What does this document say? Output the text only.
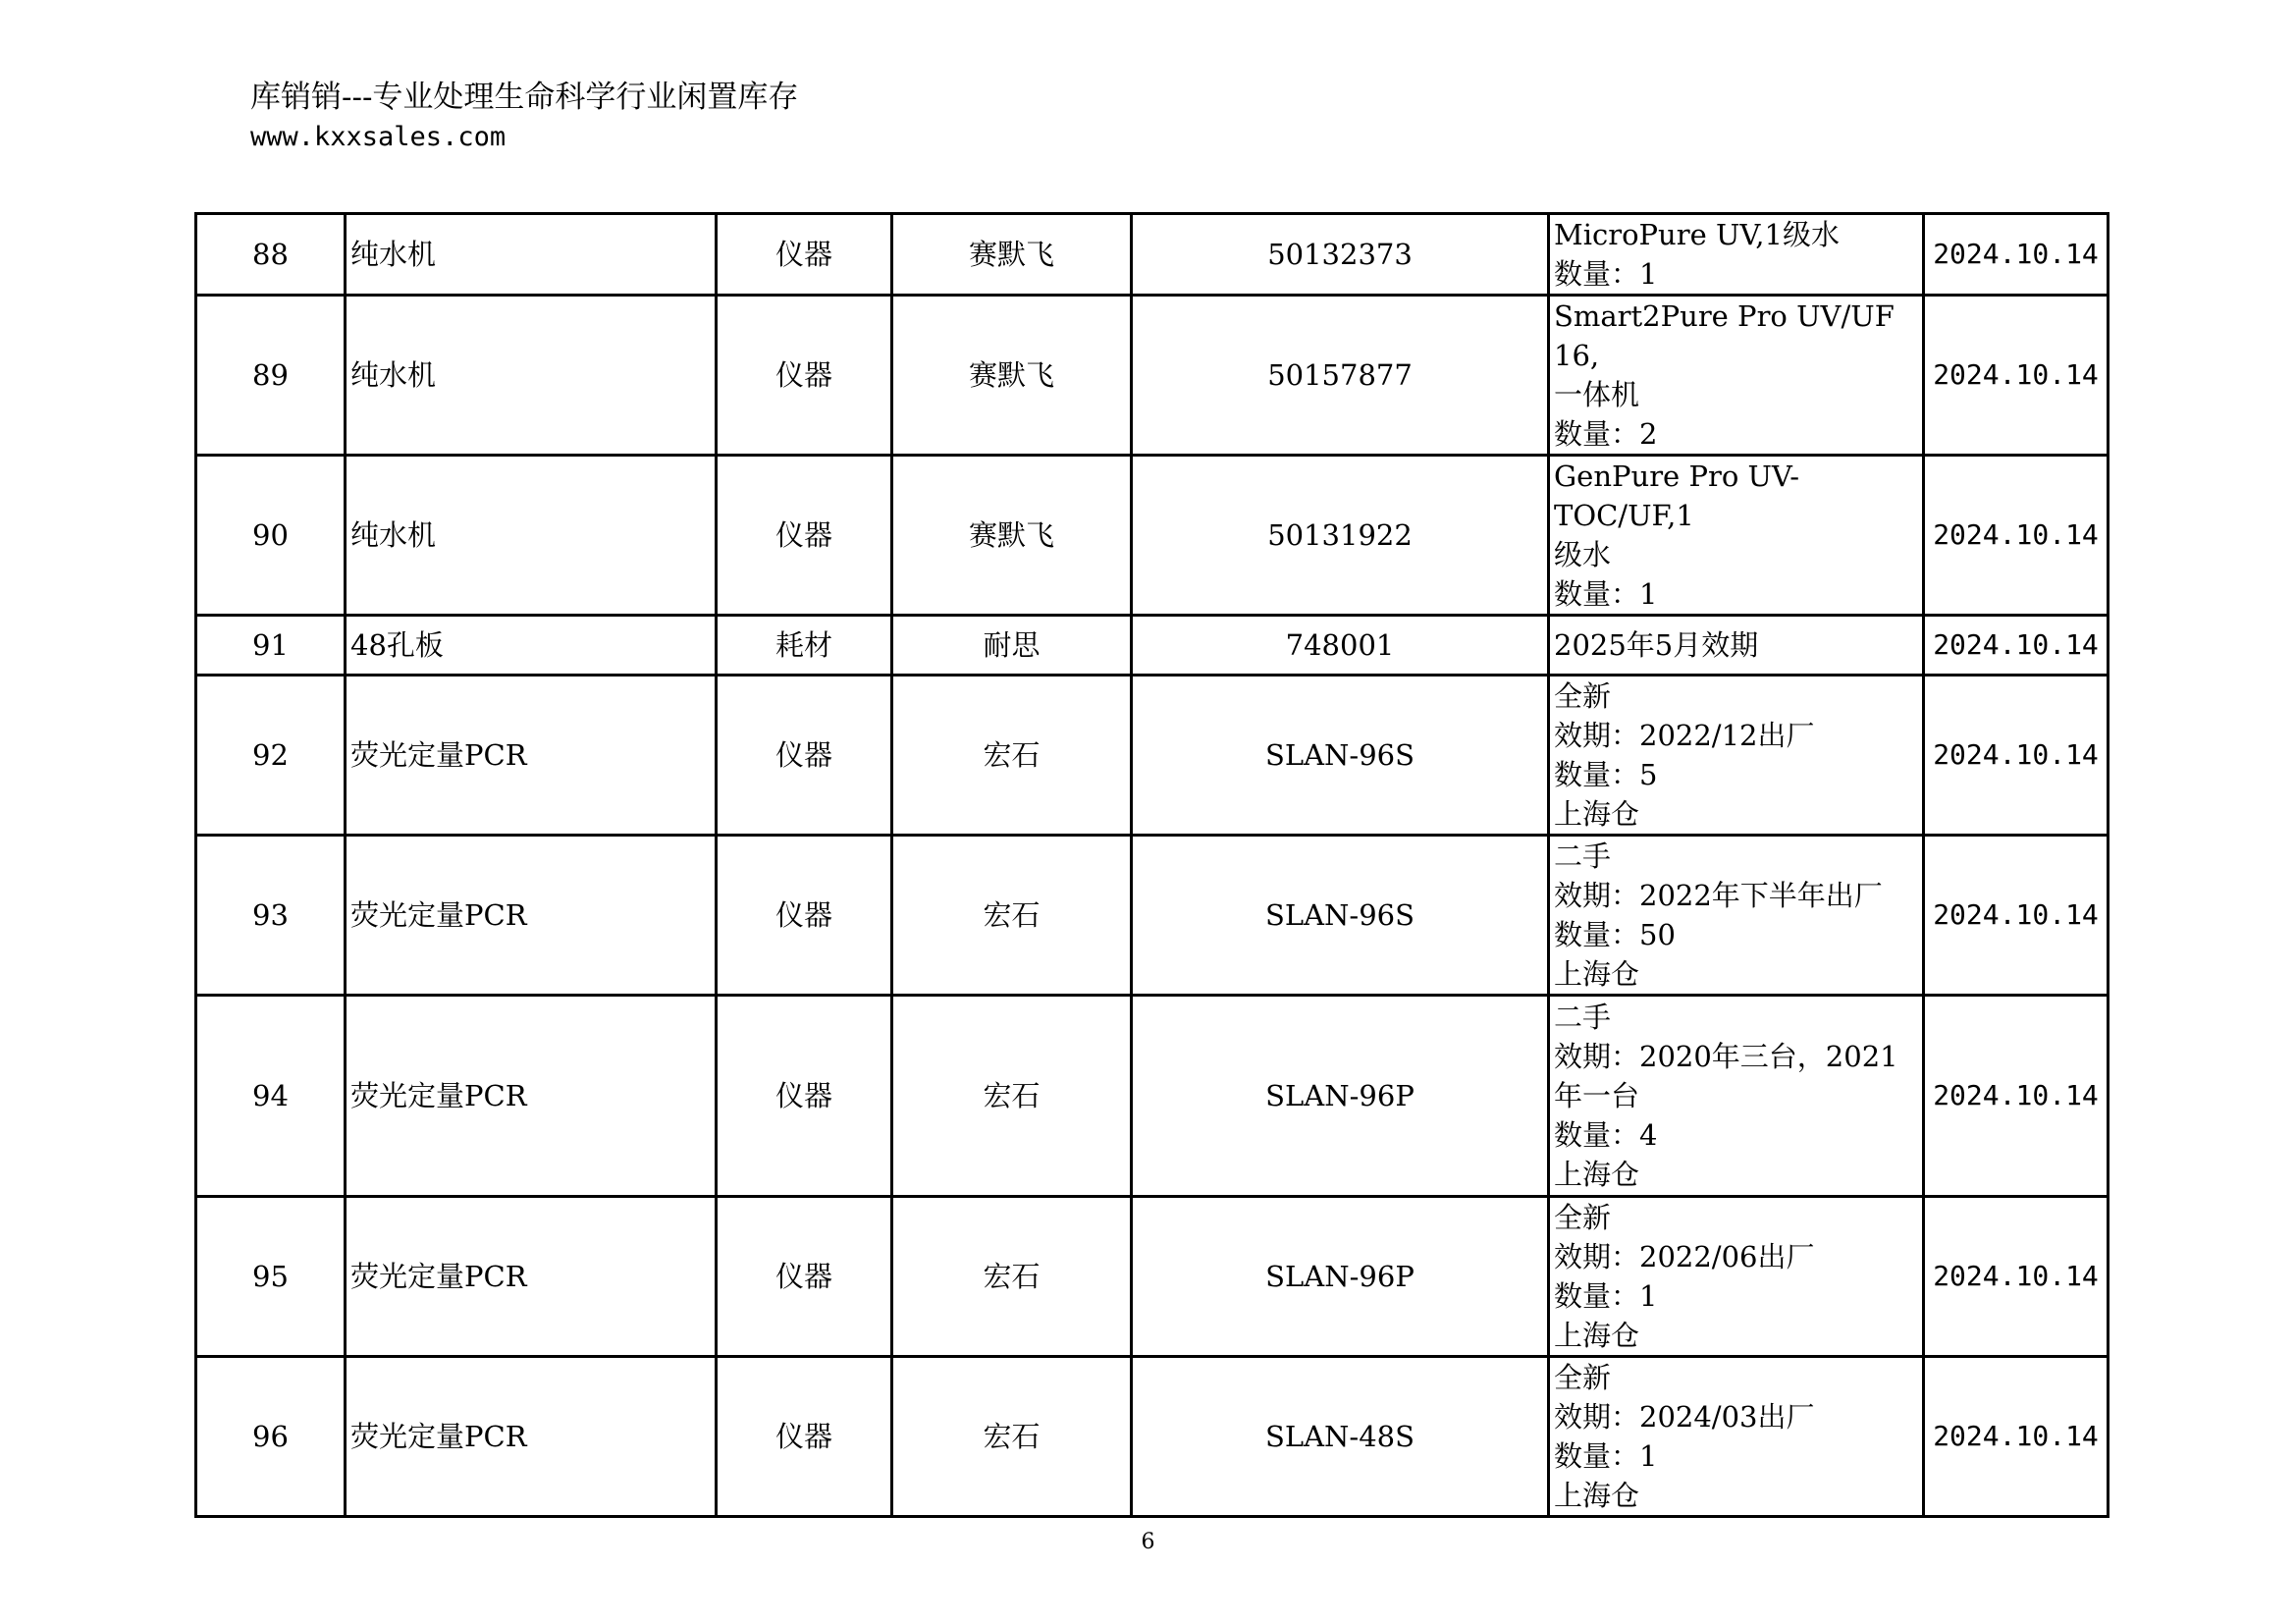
库销销---专业处理生命科学行业闲置库存
www.kxxsales.com
88	纯水机	仪器	赛默飞	50132373	MicroPure UV,1级水
数量：1	2024.10.14
89	纯水机	仪器	赛默飞	50157877	Smart2Pure Pro UV/UF 16,
一体机
数量：2	2024.10.14
90	纯水机	仪器	赛默飞	50131922	GenPure Pro UV-TOC/UF,1
级水
数量：1	2024.10.14
91	48孔板	耗材	耐思	748001	2025年5月效期	2024.10.14
92	荧光定量PCR	仪器	宏石	SLAN-96S	全新
效期：2022/12出厂
数量：5
上海仓	2024.10.14
93	荧光定量PCR	仪器	宏石	SLAN-96S	二手
效期：2022年下半年出厂
数量：50
上海仓	2024.10.14
94	荧光定量PCR	仪器	宏石	SLAN-96P	二手
效期：2020年三台，2021
年一台
数量：4
上海仓	2024.10.14
95	荧光定量PCR	仪器	宏石	SLAN-96P	全新
效期：2022/06出厂
数量：1
上海仓	2024.10.14
96	荧光定量PCR	仪器	宏石	SLAN-48S	全新
效期：2024/03出厂
数量：1
上海仓	2024.10.14
6
